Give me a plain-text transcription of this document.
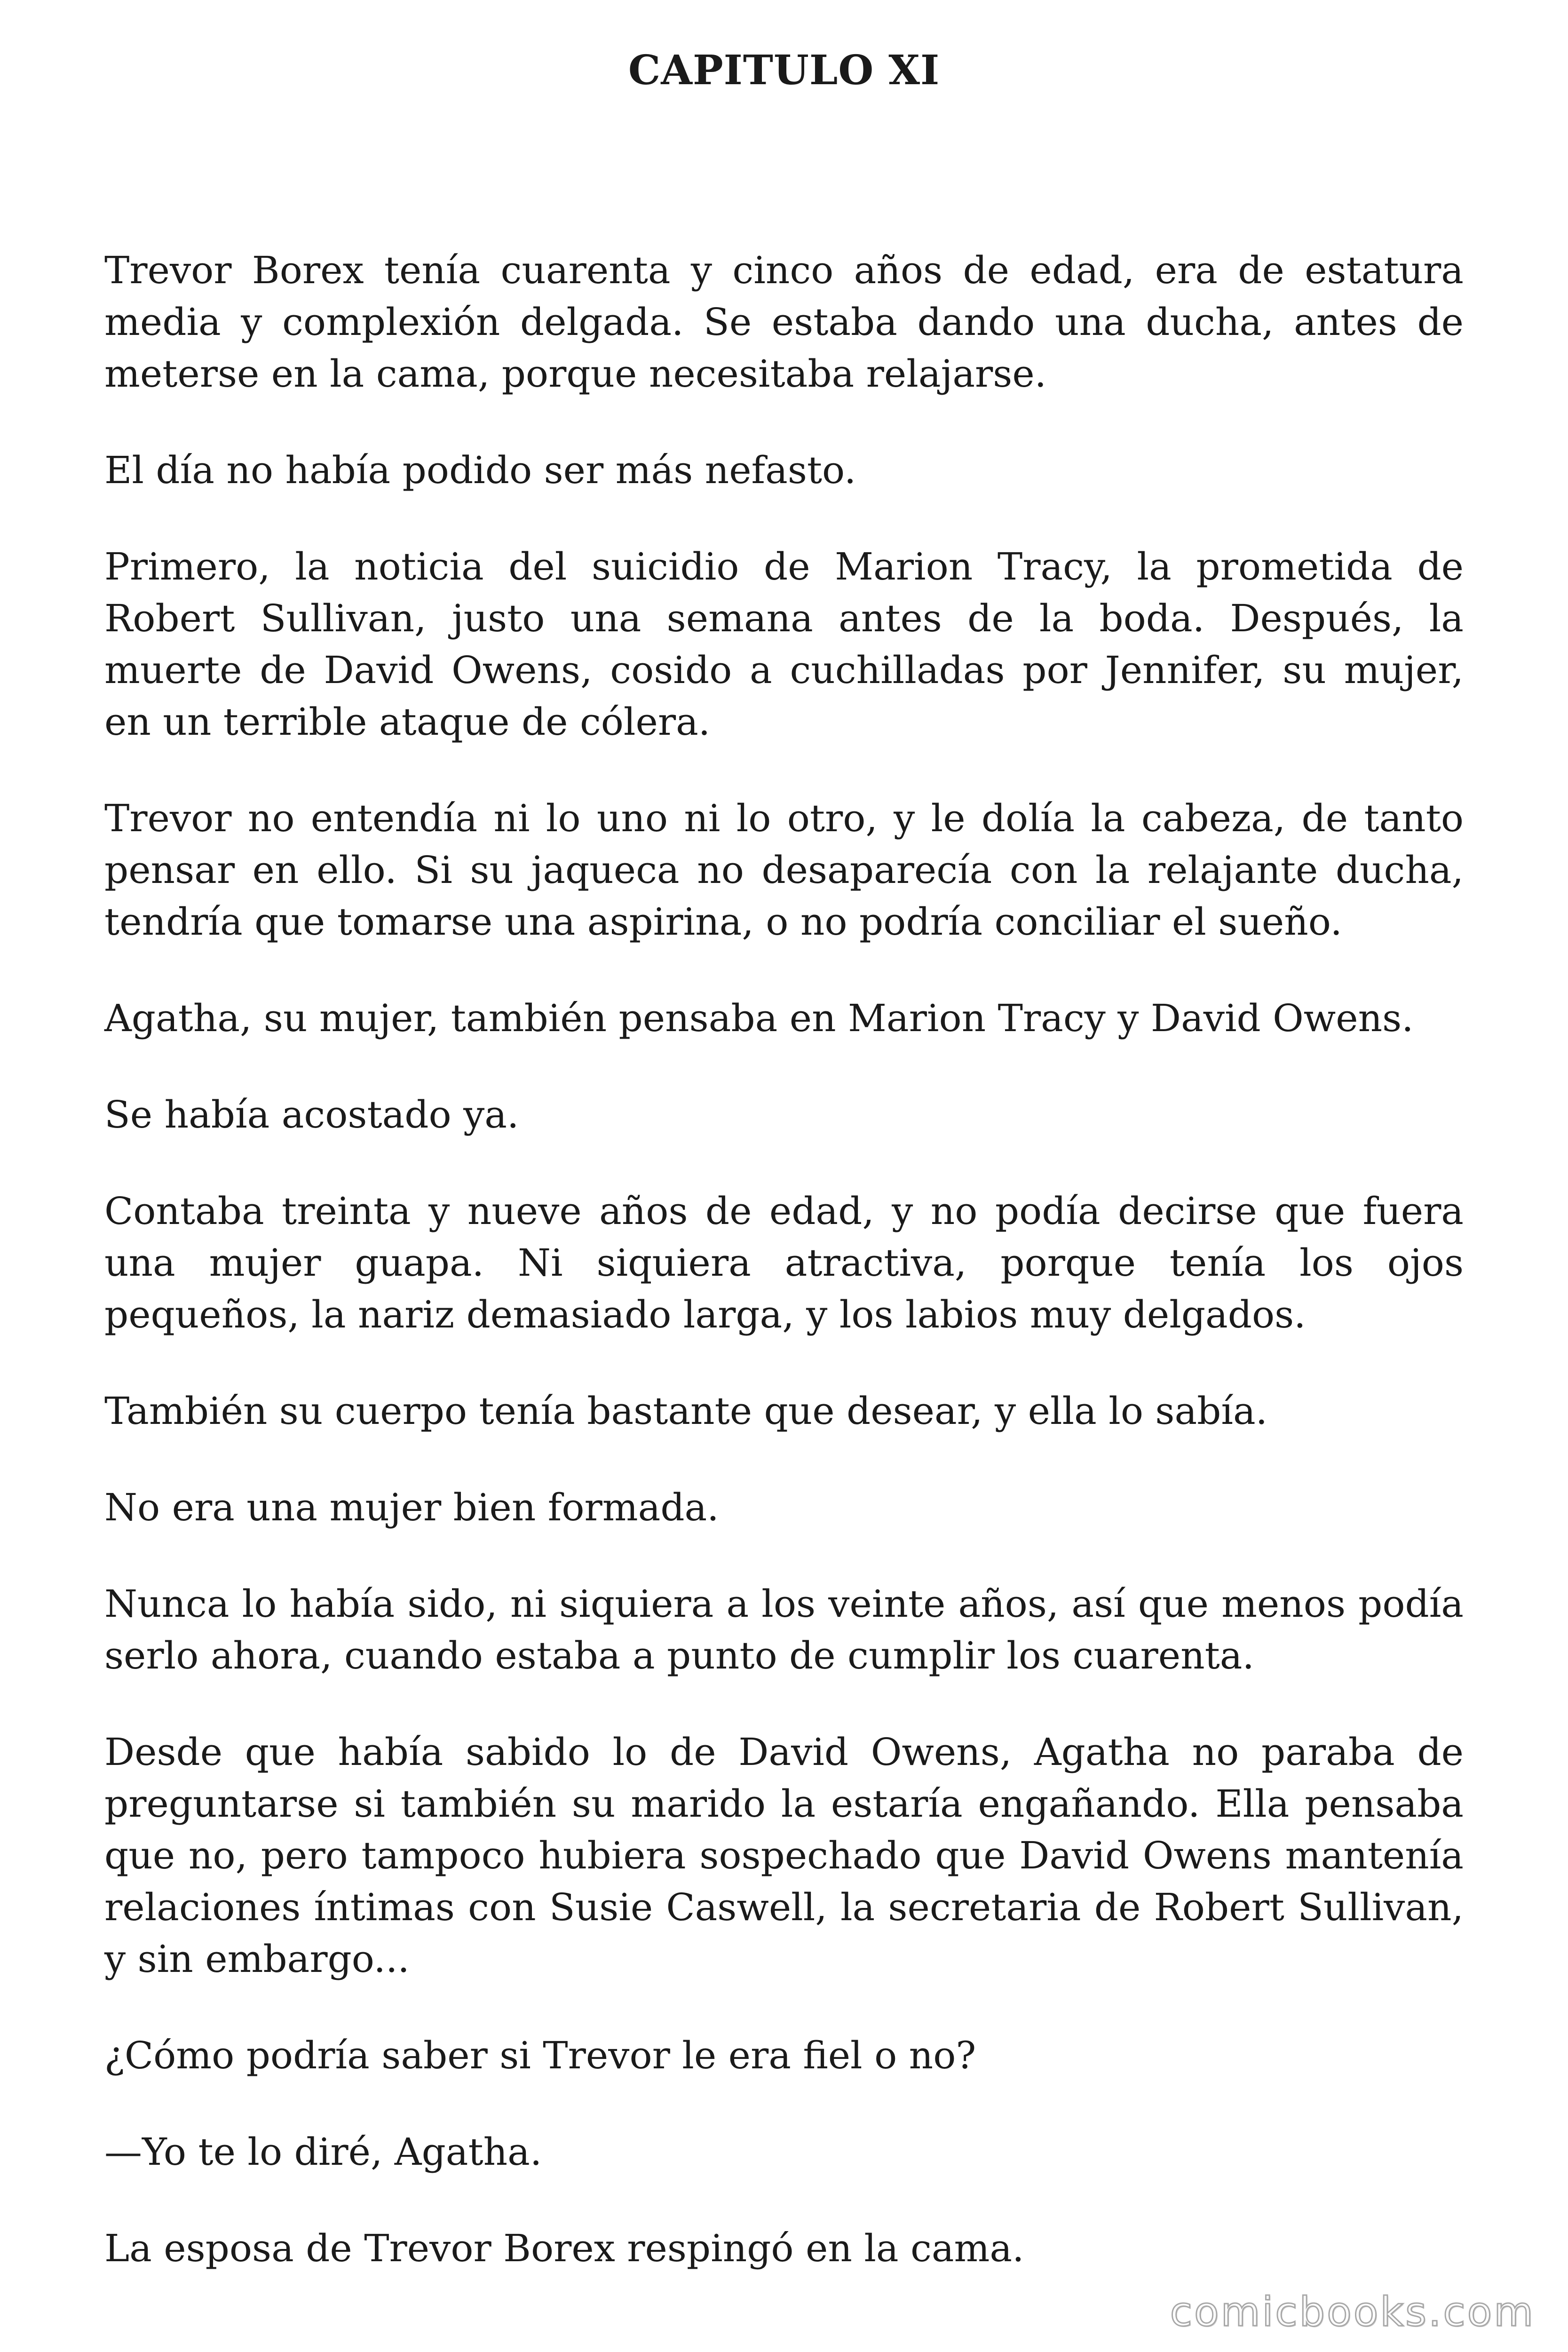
CAPITULO XI

Trevor Borex tenía cuarenta y cinco años de edad, era de estatura media y complexión delgada. Se estaba dando una ducha, antes de meterse en la cama, porque necesitaba relajarse.

El día no había podido ser más nefasto.

Primero, la noticia del suicidio de Marion Tracy, la prometida de Robert Sullivan, justo una semana antes de la boda. Después, la muerte de David Owens, cosido a cuchilladas por Jennifer, su mujer, en un terrible ataque de cólera.

Trevor no entendía ni lo uno ni lo otro, y le dolía la cabeza, de tanto pensar en ello. Si su jaqueca no desaparecía con la relajante ducha, tendría que tomarse una aspirina, o no podría conciliar el sueño.

Agatha, su mujer, también pensaba en Marion Tracy y David Owens.

Se había acostado ya.

Contaba treinta y nueve años de edad, y no podía decirse que fuera una mujer guapa. Ni siquiera atractiva, porque tenía los ojos pequeños, la nariz demasiado larga, y los labios muy delgados.

También su cuerpo tenía bastante que desear, y ella lo sabía.

No era una mujer bien formada.

Nunca lo había sido, ni siquiera a los veinte años, así que menos podía serlo ahora, cuando estaba a punto de cumplir los cuarenta.

Desde que había sabido lo de David Owens, Agatha no paraba de preguntarse si también su marido la estaría engañando. Ella pensaba que no, pero tampoco hubiera sospechado que David Owens mantenía relaciones íntimas con Susie Caswell, la secretaria de Robert Sullivan, y sin embargo...

¿Cómo podría saber si Trevor le era fiel o no?

—Yo te lo diré, Agatha.

La esposa de Trevor Borex respingó en la cama.

comicbooks.com
